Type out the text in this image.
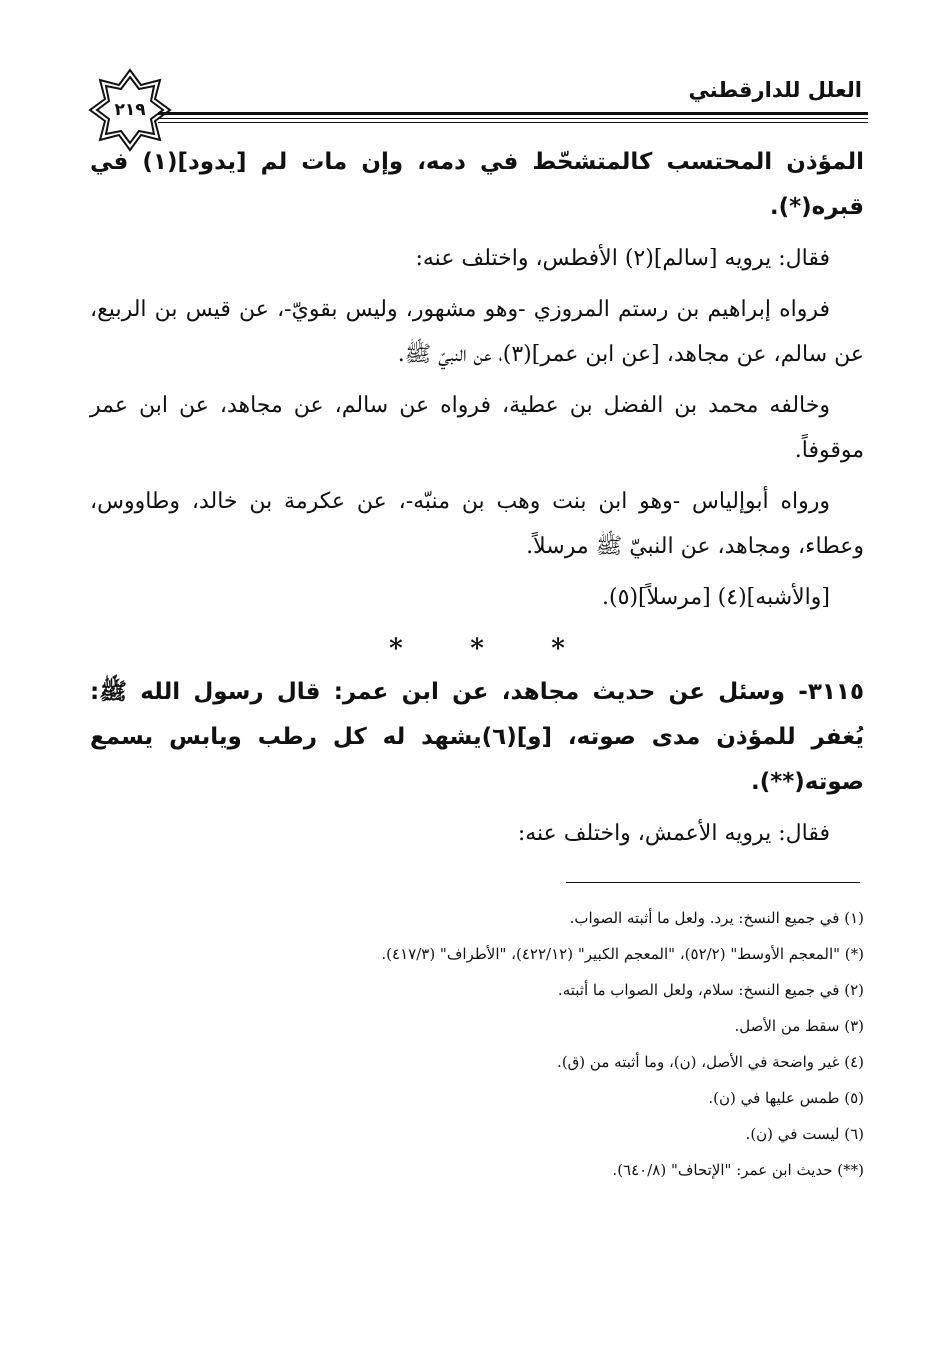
العلل للدارقطني
٢١٩

المؤذن المحتسب كالمتشحّط في دمه، وإن مات لم [يدود](١) في قبره(*).

فقال: يرويه [سالم](٢) الأفطس، واختلف عنه:

فرواه إبراهيم بن رستم المروزي -وهو مشهور، وليس بقويّ-، عن قيس بن الربيع، عن سالم، عن مجاهد، [عن ابن عمر](٣)، عن النبيّ ﷺ.

وخالفه محمد بن الفضل بن عطية، فرواه عن سالم، عن مجاهد، عن ابن عمر موقوفاً.

ورواه أبوإلياس -وهو ابن بنت وهب بن منبّه-، عن عكرمة بن خالد، وطاووس، وعطاء، ومجاهد، عن النبيّ ﷺ مرسلاً.

[والأشبه](٤) [مرسلاً](٥).

* * *

٣١١٥- وسئل عن حديث مجاهد، عن ابن عمر: قال رسول الله ﷺ: يُغفر للمؤذن مدى صوته، [و](٦)يشهد له كل رطب ويابس يسمع صوته(**).

فقال: يرويه الأعمش، واختلف عنه:

(١) في جميع النسخ: يرد. ولعل ما أثبته الصواب.

(*) "المعجم الأوسط" (٥٢/٢)، "المعجم الكبير" (٤٢٢/١٢)، "الأطراف" (٤١٧/٣).

(٢) في جميع النسخ: سلام، ولعل الصواب ما أثبته.

(٣) سقط من الأصل.

(٤) غير واضحة في الأصل، (ن)، وما أثبته من (ق).

(٥) طمس عليها في (ن).

(٦) ليست في (ن).

(**) حديث ابن عمر: "الإتحاف" (٦٤٠/٨).
